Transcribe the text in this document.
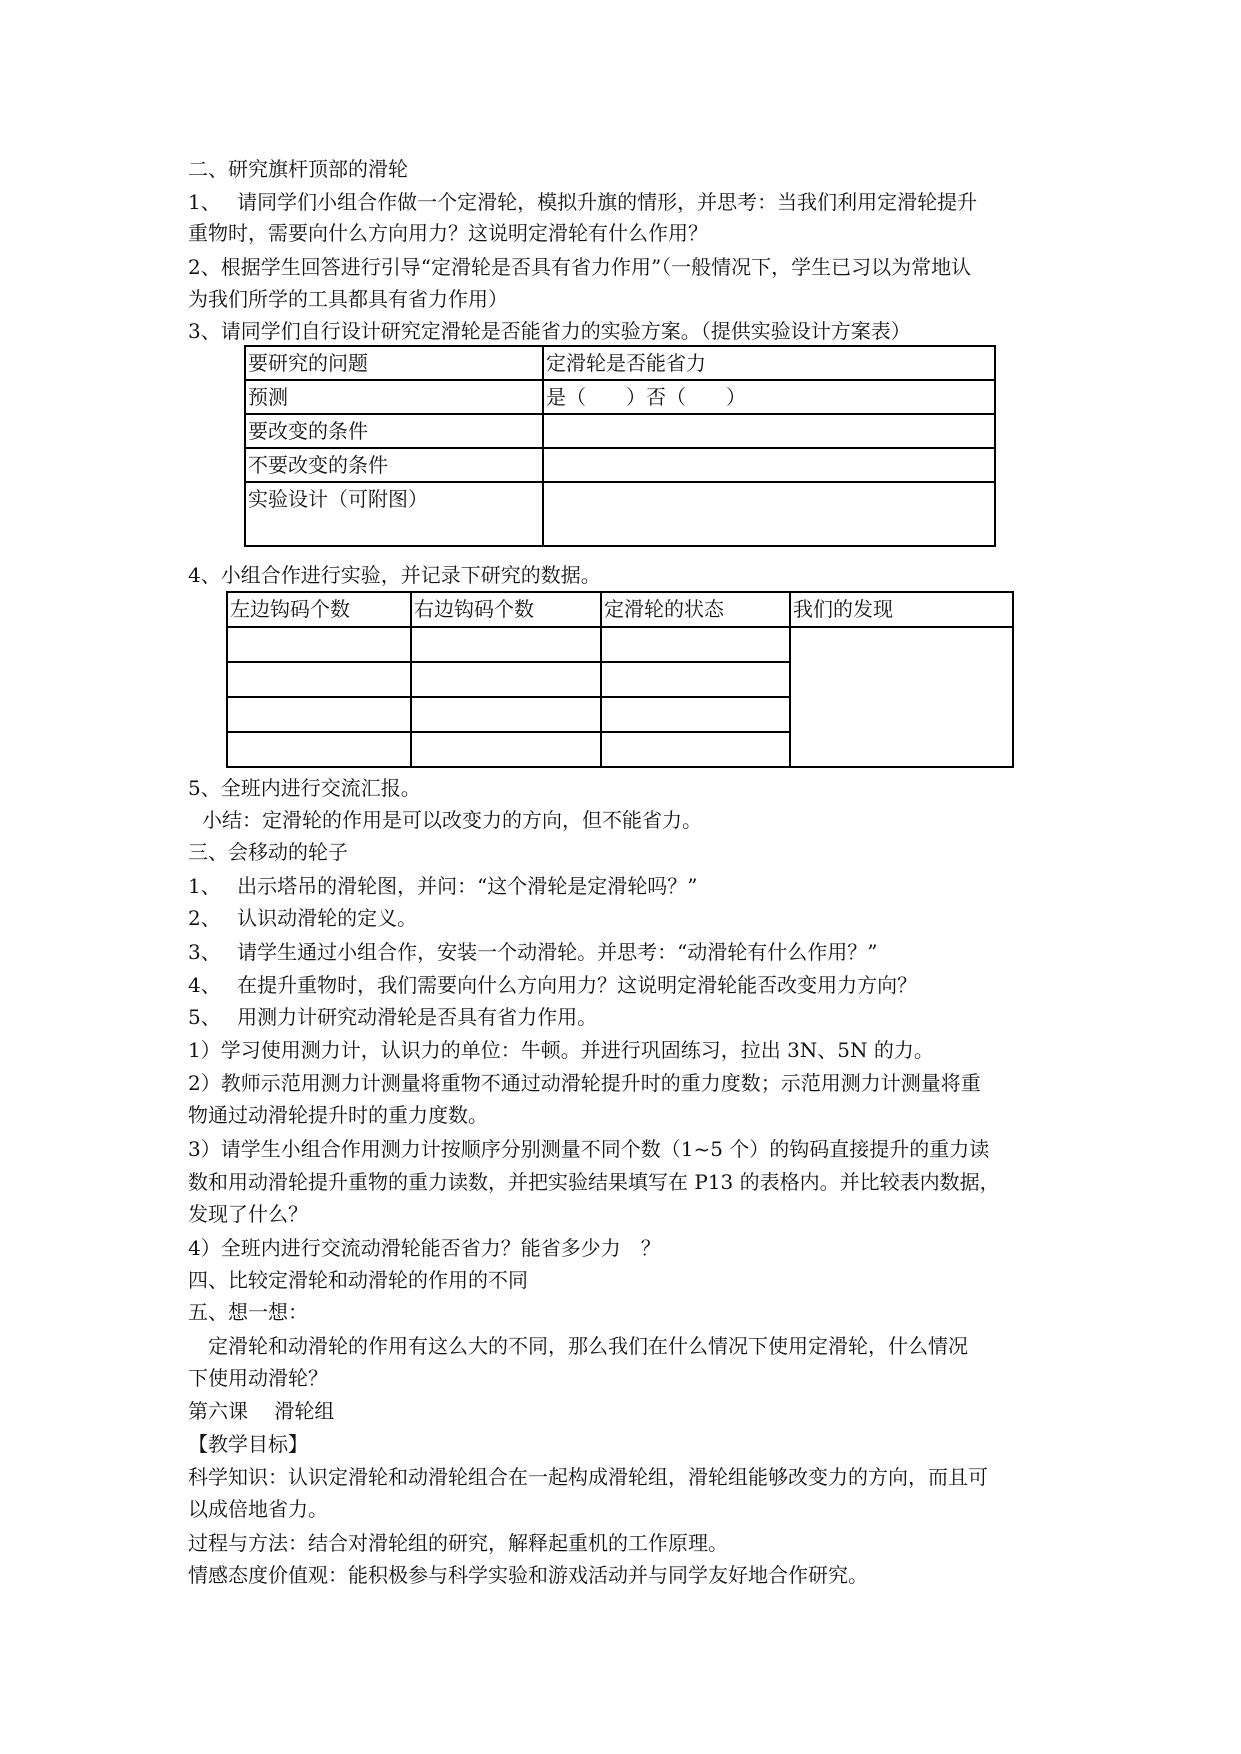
二、研究旗杆顶部的滑轮
1、　 请同学们小组合作做一个定滑轮，模拟升旗的情形，并思考：当我们利用定滑轮提升
重物时，需要向什么方向用力？这说明定滑轮有什么作用？
2、根据学生回答进行引导“定滑轮是否具有省力作用”（一般情况下，学生已习以为常地认
为我们所学的工具都具有省力作用）
3、请同学们自行设计研究定滑轮是否能省力的实验方案。（提供实验设计方案表）
要研究的问题	定滑轮是否能省力
预测	是（　　）否（　　）
要改变的条件	
不要改变的条件	
实验设计（可附图）	
4、小组合作进行实验，并记录下研究的数据。
左边钩码个数	右边钩码个数	定滑轮的状态	我们的发现

5、全班内进行交流汇报。
小结：定滑轮的作用是可以改变力的方向，但不能省力。
三、会移动的轮子
1、　 出示塔吊的滑轮图，并问：“这个滑轮是定滑轮吗？”
2、　 认识动滑轮的定义。
3、　 请学生通过小组合作，安装一个动滑轮。并思考：“动滑轮有什么作用？”
4、　 在提升重物时，我们需要向什么方向用力？这说明定滑轮能否改变用力方向？
5、　 用测力计研究动滑轮是否具有省力作用。
1）学习使用测力计，认识力的单位：牛顿。并进行巩固练习，拉出 3N、5N 的力。
2）教师示范用测力计测量将重物不通过动滑轮提升时的重力度数；示范用测力计测量将重
物通过动滑轮提升时的重力度数。
3）请学生小组合作用测力计按顺序分别测量不同个数（1~5 个）的钩码直接提升的重力读
数和用动滑轮提升重物的重力读数，并把实验结果填写在 P13 的表格内。并比较表内数据，
发现了什么？
4）全班内进行交流动滑轮能否省力？能省多少力　？
四、比较定滑轮和动滑轮的作用的不同
五、想一想：
　定滑轮和动滑轮的作用有这么大的不同，那么我们在什么情况下使用定滑轮，什么情况
下使用动滑轮？
第六课　 滑轮组
【教学目标】
科学知识：认识定滑轮和动滑轮组合在一起构成滑轮组，滑轮组能够改变力的方向，而且可
以成倍地省力。
过程与方法：结合对滑轮组的研究，解释起重机的工作原理。
情感态度价值观：能积极参与科学实验和游戏活动并与同学友好地合作研究。
